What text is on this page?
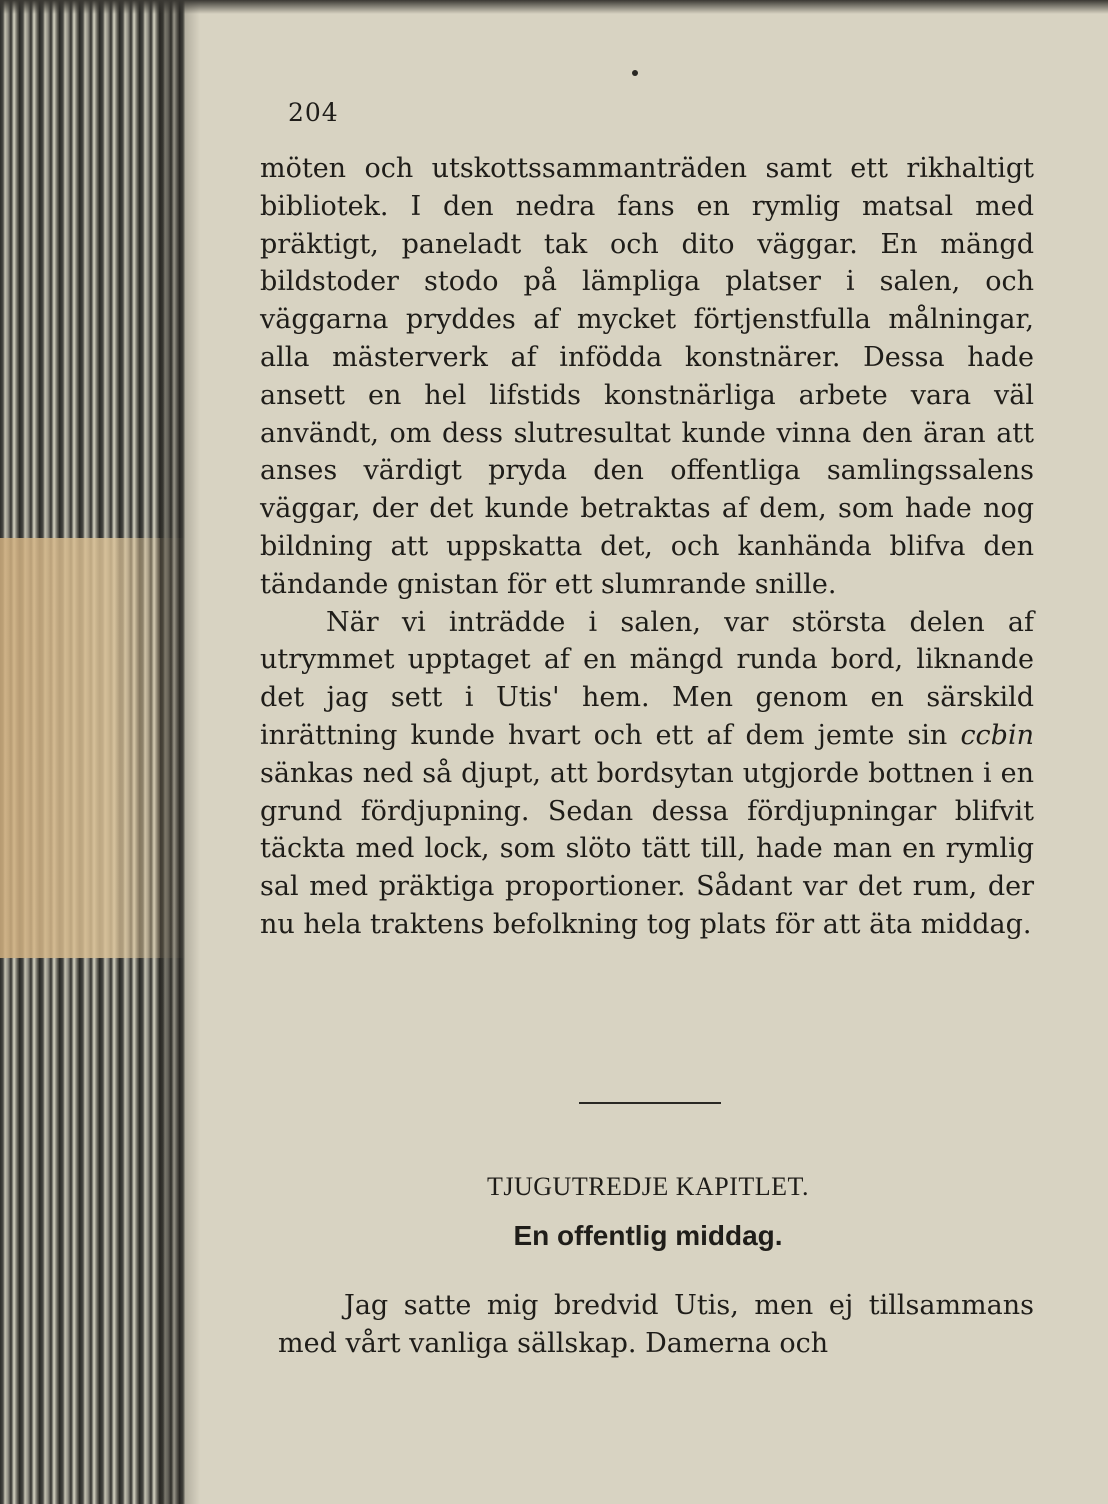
204

möten och utskottssammanträden samt ett rikhaltigt bibliotek. I den nedra fans en rymlig matsal med präktigt, paneladt tak och dito väggar. En mängd bildstoder stodo på lämpliga platser i salen, och väggarna pryddes af mycket förtjenstfulla målningar, alla mästerverk af infödda konstnärer. Dessa hade ansett en hel lifstids konstnärliga arbete vara väl användt, om dess slutresultat kunde vinna den äran att anses värdigt pryda den offentliga samlingssalens väggar, der det kunde betraktas af dem, som hade nog bildning att uppskatta det, och kanhända blifva den tändande gnistan för ett slumrande snille.

När vi inträdde i salen, var största delen af utrymmet upptaget af en mängd runda bord, liknande det jag sett i Utis' hem. Men genom en särskild inrättning kunde hvart och ett af dem jemte sin ccbin sänkas ned så djupt, att bordsytan utgjorde bottnen i en grund fördjupning. Sedan dessa fördjupningar blifvit täckta med lock, som slöto tätt till, hade man en rymlig sal med präktiga proportioner. Sådant var det rum, der nu hela traktens befolkning tog plats för att äta middag.

TJUGUTREDJE KAPITLET.
En offentlig middag.

Jag satte mig bredvid Utis, men ej tillsammans med vårt vanliga sällskap. Damerna och
